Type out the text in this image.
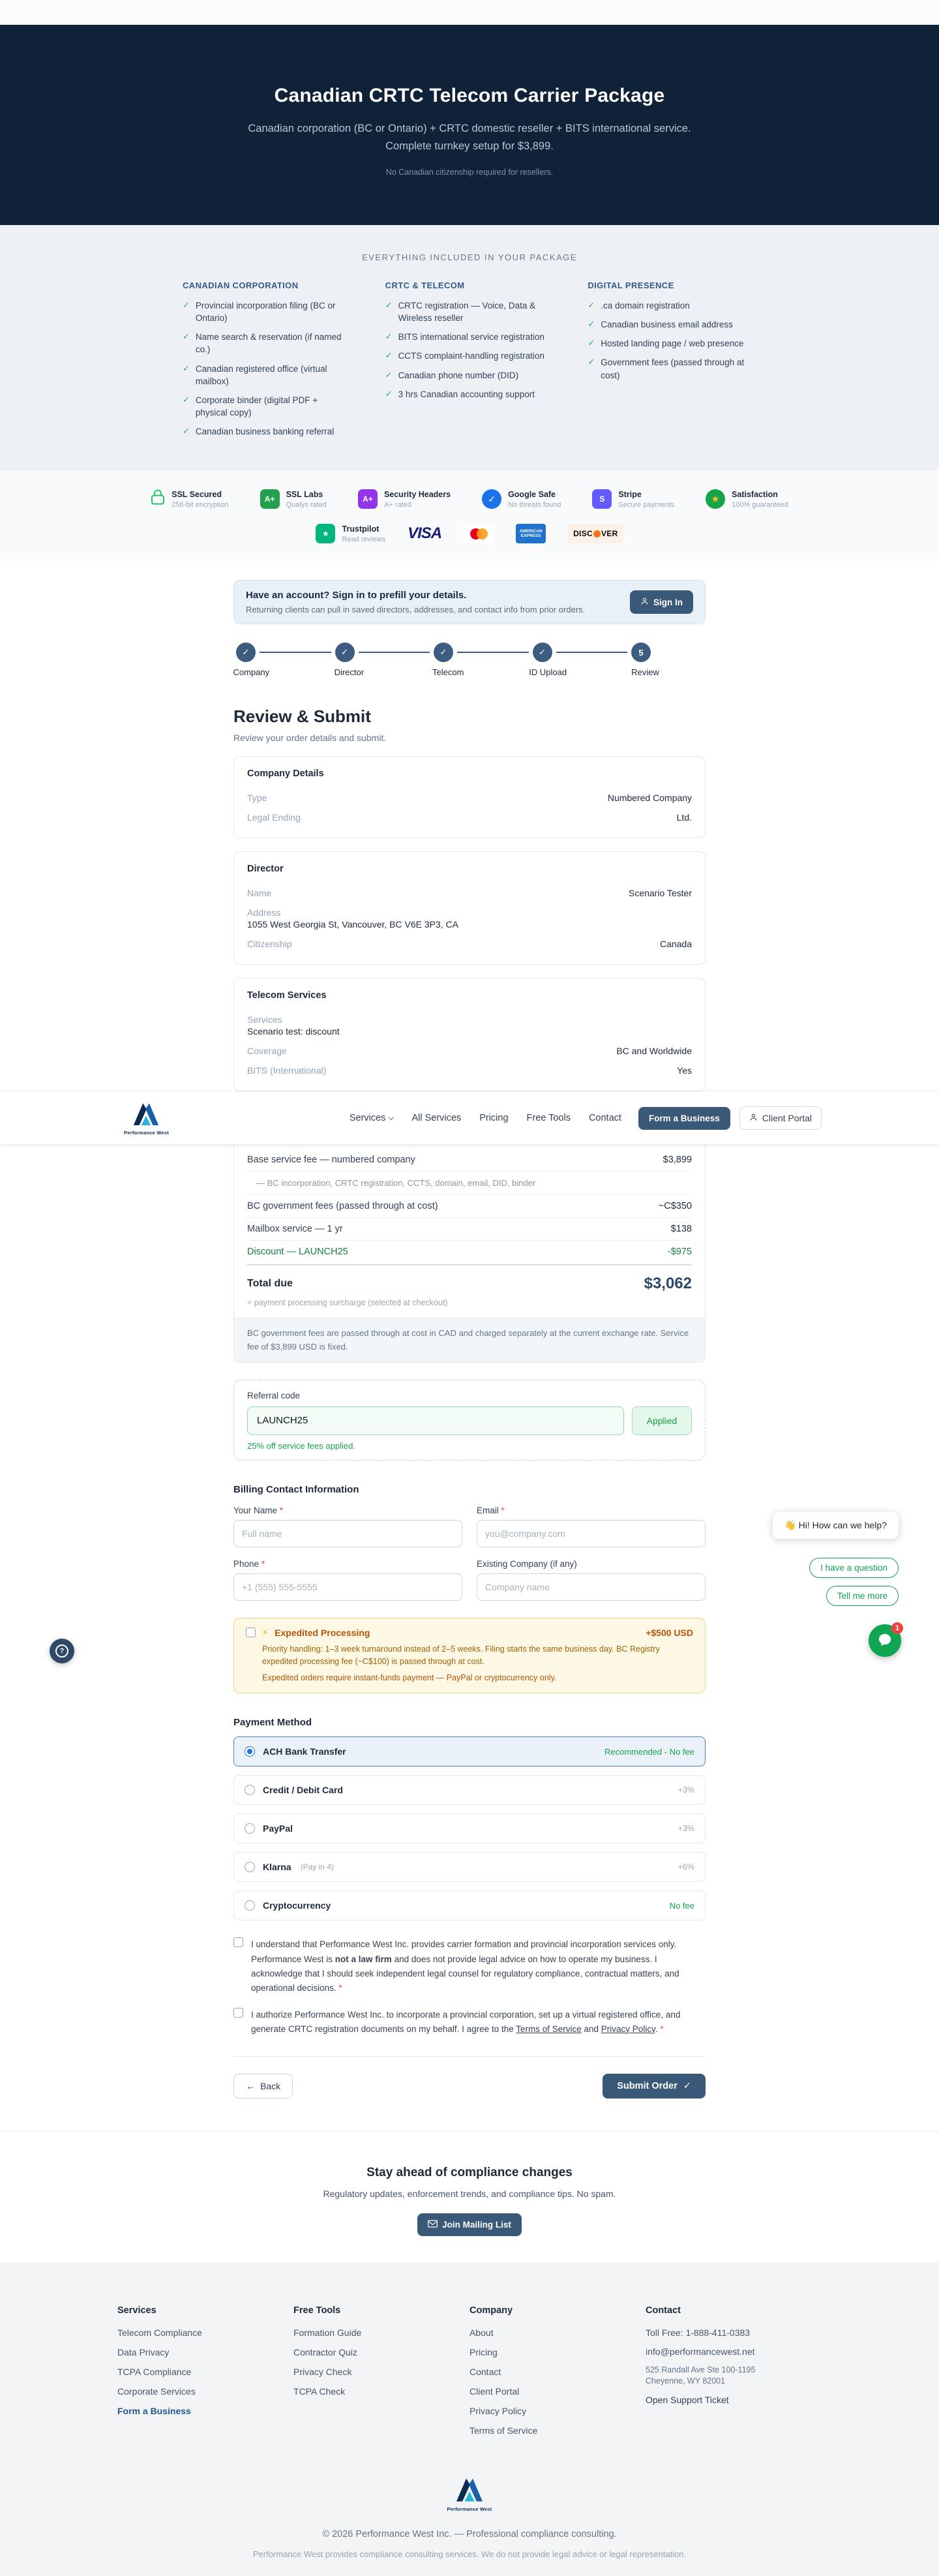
Canadian CRTC Telecom Carrier Package
Canadian corporation (BC or Ontario) + CRTC domestic reseller + BITS international service. Complete turnkey setup for $3,899.
No Canadian citizenship required for resellers.
EVERYTHING INCLUDED IN YOUR PACKAGE
CANADIAN CORPORATION
✓
Provincial incorporation filing (BC or Ontario)
✓
Name search & reservation (if named co.)
✓
Canadian registered office (virtual mailbox)
✓
Corporate binder (digital PDF + physical copy)
✓
Canadian business banking referral
CRTC & TELECOM
✓
CRTC registration — Voice, Data & Wireless reseller
✓
BITS international service registration
✓
CCTS complaint-handling registration
✓
Canadian phone number (DID)
✓
3 hrs Canadian accounting support
DIGITAL PRESENCE
✓
.ca domain registration
✓
Canadian business email address
✓
Hosted landing page / web presence
✓
Government fees (passed through at cost)
SSL Secured
256-bit encryption
A+
SSL Labs
Qualys rated
A+
Security Headers
A+ rated
✓	Google Safe
No threats found
S
Stripe
Secure payments	★	Satisfaction
100% guaranteed
★
Trustpilot
Read reviews VISA	AMERICAN EXPRESS	DISC VER
Have an account? Sign in to prefill your details.
Returning clients can pull in saved directors, addresses, and contact info from prior orders.
Sign In
✓
Company
✓	Director
✓	Telecom
✓	ID Upload
5
Review
Review & Submit
Review your order details and submit.
Company Details
Type	Numbered Company
Legal Ending	Ltd.
Director
Name	Scenario Tester
Address
1055 West Georgia St, Vancouver, BC V6E 3P3, CA
Citizenship	Canada
Telecom Services
Services
Scenario test: discount
Coverage	BC and Worldwide
BITS (International)	Yes
Performance West
Services	All Services Pricing Free Tools Contact	Form a Business	Client Portal
Base service fee — numbered company	$3,899
— BC incorporation, CRTC registration, CCTS, domain, email, DID, binder
BC government fees (passed through at cost)	~C$350
Mailbox service — 1 yr	$138
Discount — LAUNCH25	-$975
Total due	$3,062
+ payment processing surcharge (selected at checkout)
BC government fees are passed through at cost in CAD and charged separately at the current exchange rate. Service fee of $3,899 USD is fixed.
Referral code
LAUNCH25
Applied
25% off service fees applied.
Billing Contact Information
Your Name *
Full name	Email *
you@company.com
Phone *
+1 (555) 555-5555	Existing Company (if any)
Company name
⚡
Expedited Processing	+$500 USD
Priority handling: 1–3 week turnaround instead of 2–5 weeks. Filing starts the same business day. BC Registry expedited processing fee (~C$100) is passed through at cost.
Expedited orders require instant-funds payment — PayPal or cryptocurrency only.
Payment Method
ACH Bank Transfer	Recommended - No fee
Credit / Debit Card	+3%
PayPal	+3%
Klarna (Pay in 4)	+6%
Cryptocurrency	No fee

I understand that Performance West Inc. provides carrier formation and provincial incorporation services only. Performance West is not a law firm and does not provide legal advice on how to operate my business. I acknowledge that I should seek independent legal counsel for regulatory compliance, contractual matters, and operational decisions. *

I authorize Performance West Inc. to incorporate a provincial corporation, set up a virtual registered office, and generate CRTC registration documents on my behalf. I agree to the Terms of Service and Privacy Policy. *

←
Back	Submit Order
✓
Stay ahead of compliance changes
Regulatory updates, enforcement trends, and compliance tips. No spam.
Join Mailing List
Services
Telecom Compliance
Data Privacy
TCPA Compliance
Corporate Services
Form a Business
Free Tools
Formation Guide
Contractor Quiz
Privacy Check
TCPA Check
Company
About
Pricing
Contact
Client Portal
Privacy Policy
Terms of Service
Contact
Toll Free: 1-888-411-0383
info@performancewest.net
525 Randall Ave Ste 100-1195
Cheyenne, WY 82001
Open Support Ticket
Performance West
© 2026 Performance West Inc. — Professional compliance consulting.
Performance West provides compliance consulting services. We do not provide legal advice or legal representation.
👋 Hi! How can we help?
I have a question
Tell me more
1
?
